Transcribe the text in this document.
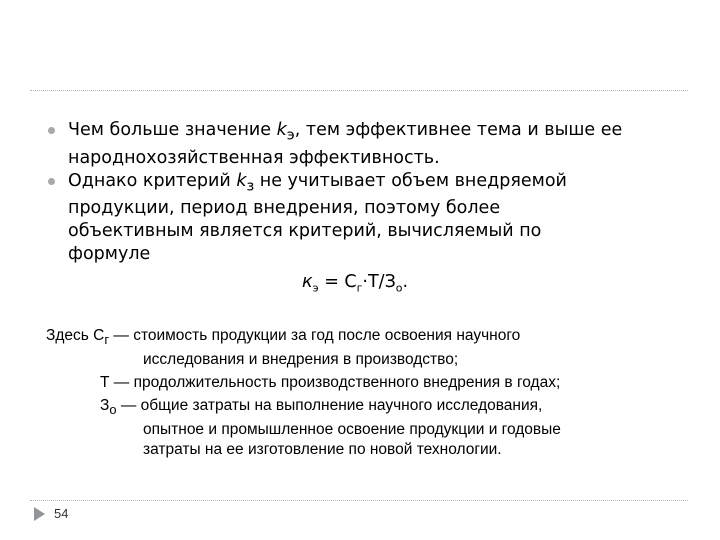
Чем больше значение $k_э$, тем эффективнее тема и выше ее
народнохозяйственная эффективность.
Однако критерий $k_з$ не учитывает объем внедряемой
продукции, период внедрения, поэтому более
объективным является критерий, вычисляемый по
формуле
$к_э = С_г\cdot Т/З_о$.
Здесь $С_г$ — стоимость продукции за год после освоения научного
исследования и внедрения в производство;
Т — продолжительность производственного внедрения в годах;
$З_о$ — общие затраты на выполнение научного исследования,
опытное и промышленное освоение продукции и годовые
затраты на ее изготовление по новой технологии.
54
